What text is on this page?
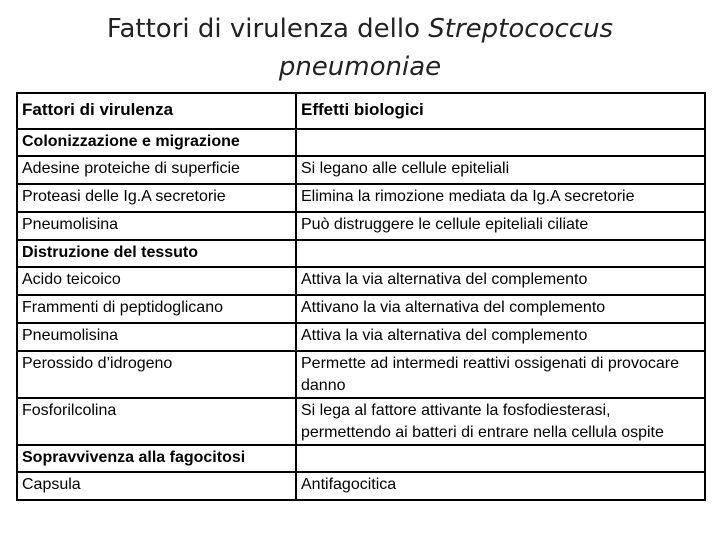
Fattori di virulenza dello Streptococcus
pneumoniae
Fattori di virulenza	Effetti biologici
Colonizzazione e migrazione	
Adesine proteiche di superficie	Si legano alle cellule epiteliali
Proteasi delle Ig.A secretorie	Elimina la rimozione mediata da Ig.A secretorie
Pneumolisina	Può distruggere le cellule epiteliali ciliate
Distruzione del tessuto	
Acido teicoico	Attiva la via alternativa del complemento
Frammenti di peptidoglicano	Attivano la via alternativa del complemento
Pneumolisina	Attiva la via alternativa del complemento
Perossido d’idrogeno	Permette ad intermedi reattivi ossigenati di provocare danno
Fosforilcolina	Si lega al fattore attivante la fosfodiesterasi, permettendo ai batteri di entrare nella cellula ospite
Sopravvivenza alla fagocitosi	
Capsula	Antifagocitica
